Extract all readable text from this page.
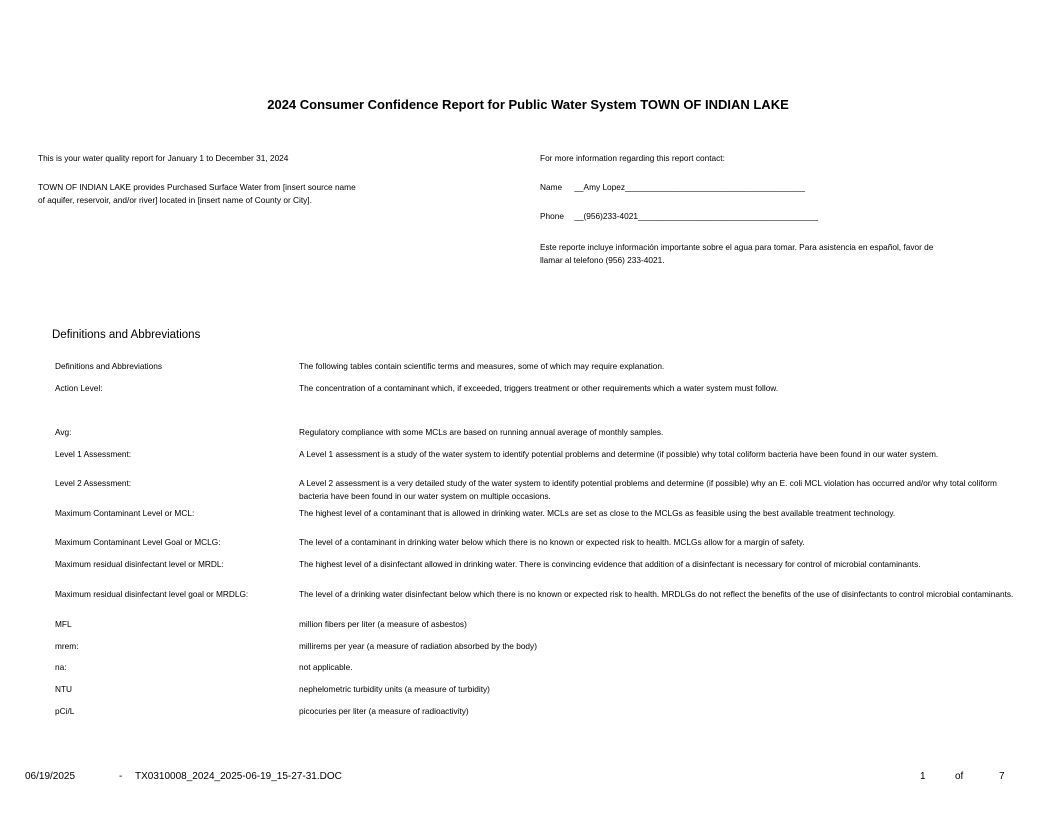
2024 Consumer Confidence Report for Public Water System TOWN OF INDIAN LAKE
This is your water quality report for January 1 to December 31, 2024
TOWN OF INDIAN LAKE provides Purchased Surface Water from [insert source name
of aquifer, reservoir, and/or river] located in [insert name of County or City].
For more information regarding this report contact:
Name __Amy Lopez_______________________________________
Phone __(956)233-4021_______________________________________
Este reporte incluye información importante sobre el agua para tomar. Para asistencia en español, favor de
llamar al telefono (956) 233-4021.
Definitions and Abbreviations
Definitions and Abbreviations	The following tables contain scientific terms and measures, some of which may require explanation.
Action Level:	The concentration of a contaminant which, if exceeded, triggers treatment or other requirements which a water system must follow.
Avg:	Regulatory compliance with some MCLs are based on running annual average of monthly samples.
Level 1 Assessment:	A Level 1 assessment is a study of the water system to identify potential problems and determine (if possible) why total coliform bacteria have been found in our water system.
Level 2 Assessment:	A Level 2 assessment is a very detailed study of the water system to identify potential problems and determine (if possible) why an E. coli MCL violation has occurred and/or why total coliform bacteria have been found in our water system on multiple occasions.
Maximum Contaminant Level or MCL:	The highest level of a contaminant that is allowed in drinking water. MCLs are set as close to the MCLGs as feasible using the best available treatment technology.
Maximum Contaminant Level Goal or MCLG:	The level of a contaminant in drinking water below which there is no known or expected risk to health. MCLGs allow for a margin of safety.
Maximum residual disinfectant level or MRDL:	The highest level of a disinfectant allowed in drinking water. There is convincing evidence that addition of a disinfectant is necessary for control of microbial contaminants.
Maximum residual disinfectant level goal or MRDLG:	The level of a drinking water disinfectant below which there is no known or expected risk to health. MRDLGs do not reflect the benefits of the use of disinfectants to control microbial contaminants.
MFL	million fibers per liter (a measure of asbestos)
mrem:	millirems per year (a measure of radiation absorbed by the body)
na:	not applicable.
NTU	nephelometric turbidity units (a measure of turbidity)
pCi/L	picocuries per liter (a measure of radioactivity)
06/19/2025	- TX0310008_2024_2025-06-19_15-27-31.DOC	1	of	7
